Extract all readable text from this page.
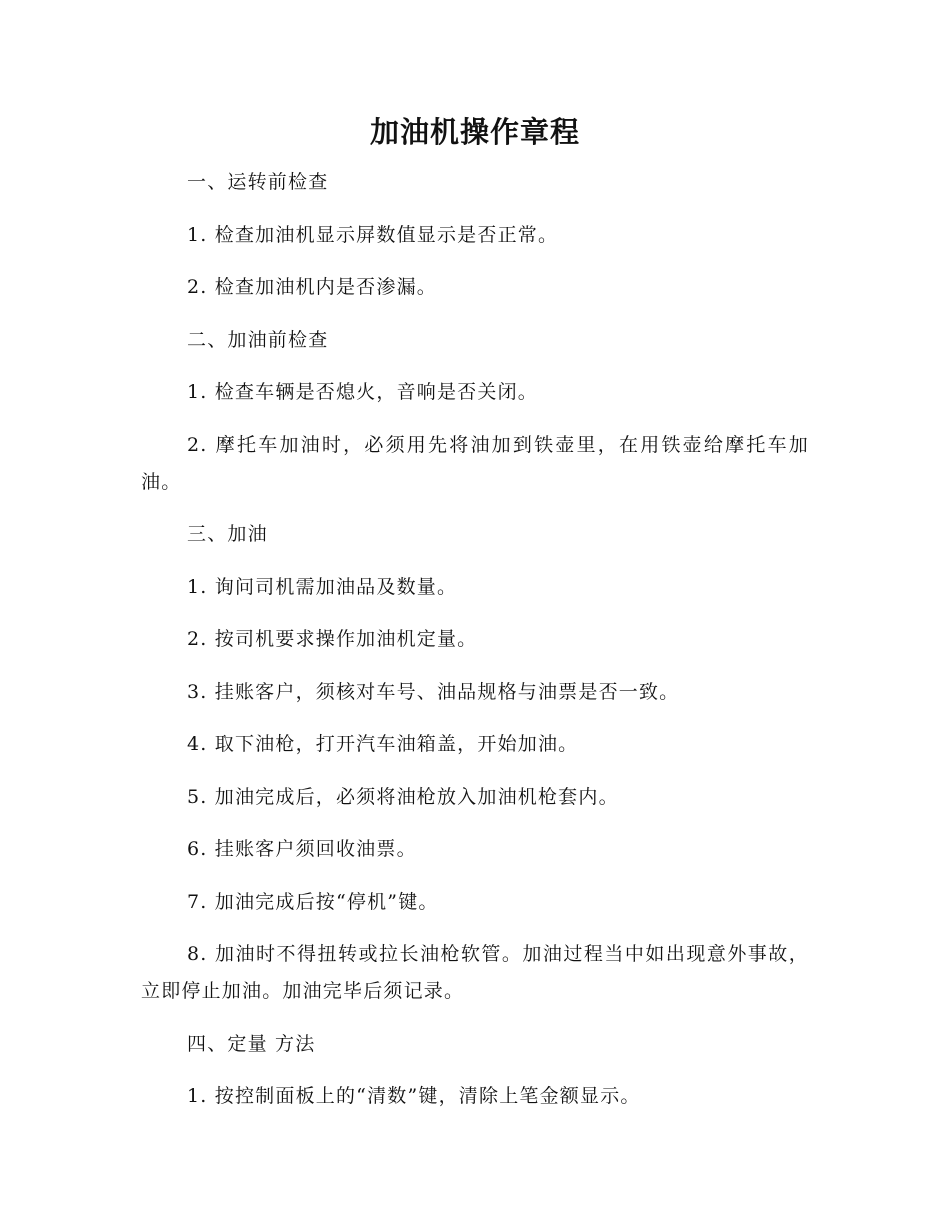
加油机操作章程

一、运转前检查

1. 检查加油机显示屏数值显示是否正常。

2. 检查加油机内是否渗漏。

二、加油前检查

1. 检查车辆是否熄火，音响是否关闭。

2. 摩托车加油时，必须用先将油加到铁壶里，在用铁壶给摩托车加油。

三、加油

1. 询问司机需加油品及数量。

2. 按司机要求操作加油机定量。

3. 挂账客户，须核对车号、油品规格与油票是否一致。

4. 取下油枪，打开汽车油箱盖，开始加油。

5. 加油完成后，必须将油枪放入加油机枪套内。

6. 挂账客户须回收油票。

7. 加油完成后按“停机”键。

8. 加油时不得扭转或拉长油枪软管。加油过程当中如出现意外事故，立即停止加油。加油完毕后须记录。

四、定量 方法

1. 按控制面板上的“清数”键，清除上笔金额显示。
